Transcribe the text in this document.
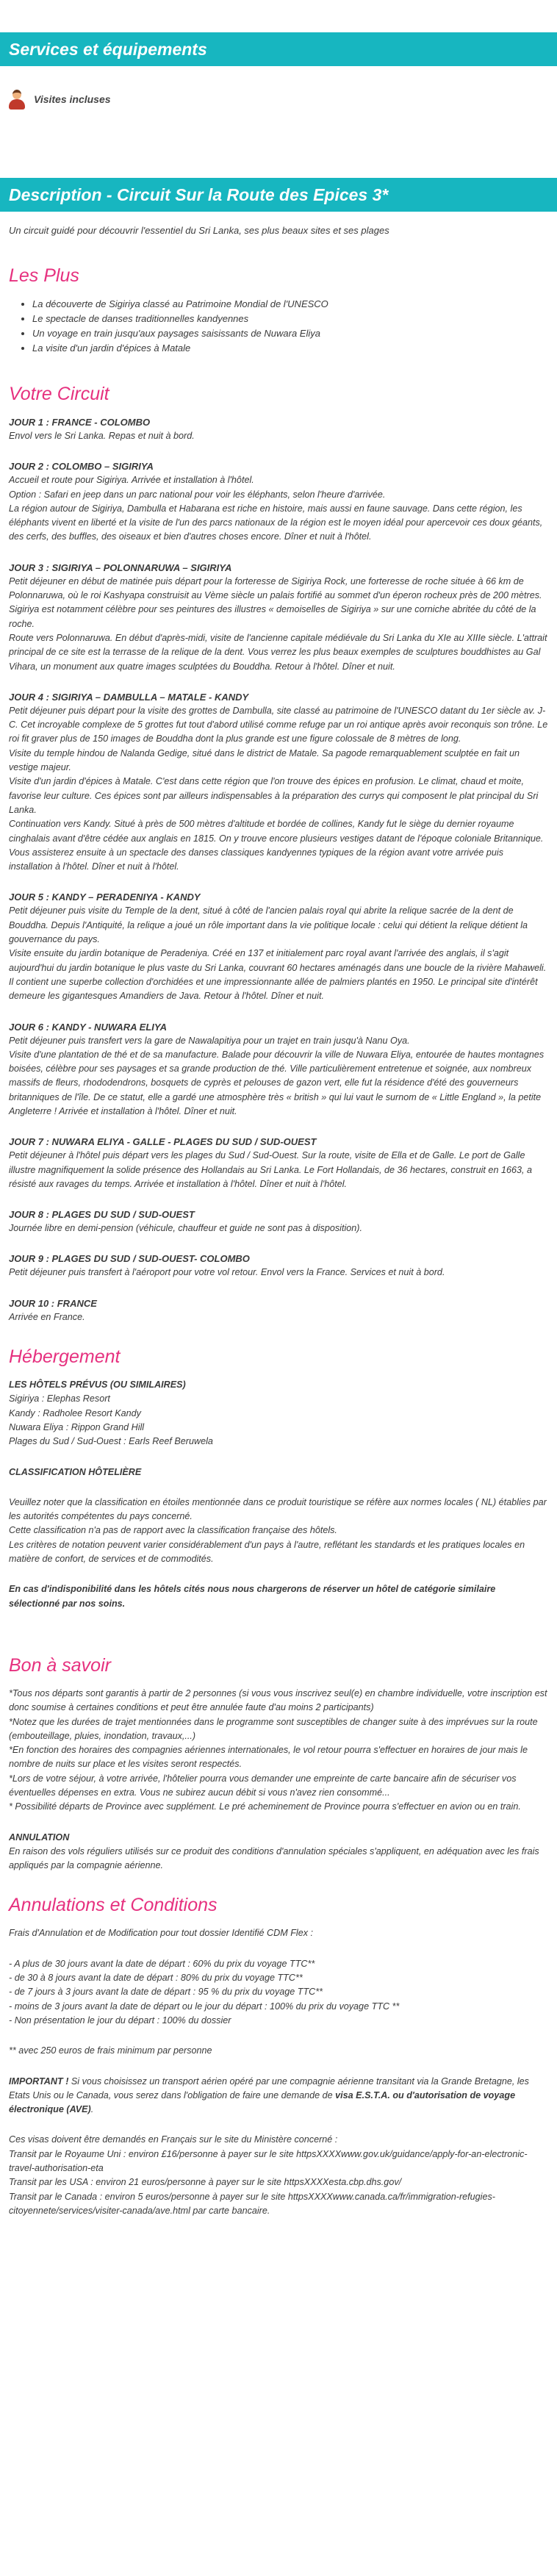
Services et équipements
Visites incluses
Description - Circuit Sur la Route des Epices 3*

Un circuit guidé pour découvrir l'essentiel du Sri Lanka, ses plus beaux sites et ses plages

Les Plus
• La découverte de Sigiriya classé au Patrimoine Mondial de l'UNESCO
• Le spectacle de danses traditionnelles kandyennes
• Un voyage en train jusqu'aux paysages saisissants de Nuwara Eliya
• La visite d'un jardin d'épices à Matale
Votre Circuit
JOUR 1 : FRANCE - COLOMBO
Envol vers le Sri Lanka. Repas et nuit à bord.
JOUR 2 : COLOMBO – SIGIRIYA
Accueil et route pour Sigiriya. Arrivée et installation à l'hôtel.
Option : Safari en jeep dans un parc national pour voir les éléphants, selon l'heure d'arrivée.
La région autour de Sigiriya, Dambulla et Habarana est riche en histoire, mais aussi en faune sauvage. Dans cette région, les éléphants vivent en liberté et la visite de l'un des parcs nationaux de la région est le moyen idéal pour apercevoir ces doux géants, des cerfs, des buffles, des oiseaux et bien d'autres choses encore. Dîner et nuit à l'hôtel.
JOUR 3 : SIGIRIYA – POLONNARUWA – SIGIRIYA
Petit déjeuner en début de matinée puis départ pour la forteresse de Sigiriya Rock, une forteresse de roche située à 66 km de Polonnaruwa, où le roi Kashyapa construisit au Vème siècle un palais fortifié au sommet d'un éperon rocheux près de 200 mètres. Sigiriya est notamment célèbre pour ses peintures des illustres « demoiselles de Sigiriya » sur une corniche abritée du côté de la roche.
Route vers Polonnaruwa. En début d'après-midi, visite de l'ancienne capitale médiévale du Sri Lanka du XIe au XIIIe siècle. L'attrait principal de ce site est la terrasse de la relique de la dent. Vous verrez les plus beaux exemples de sculptures bouddhistes au Gal Vihara, un monument aux quatre images sculptées du Bouddha. Retour à l'hôtel. Dîner et nuit.
JOUR 4 : SIGIRIYA – DAMBULLA – MATALE - KANDY
Petit déjeuner puis départ pour la visite des grottes de Dambulla, site classé au patrimoine de l'UNESCO datant du 1er siècle av. J-C. Cet incroyable complexe de 5 grottes fut tout d'abord utilisé comme refuge par un roi antique après avoir reconquis son trône. Le roi fit graver plus de 150 images de Bouddha dont la plus grande est une figure colossale de 8 mètres de long.
Visite du temple hindou de Nalanda Gedige, situé dans le district de Matale. Sa pagode remarquablement sculptée en fait un vestige majeur.
Visite d'un jardin d'épices à Matale. C'est dans cette région que l'on trouve des épices en profusion. Le climat, chaud et moite, favorise leur culture. Ces épices sont par ailleurs indispensables à la préparation des currys qui composent le plat principal du Sri Lanka.
Continuation vers Kandy. Situé à près de 500 mètres d'altitude et bordée de collines, Kandy fut le siège du dernier royaume cinghalais avant d'être cédée aux anglais en 1815. On y trouve encore plusieurs vestiges datant de l'époque coloniale Britannique.
Vous assisterez ensuite à un spectacle des danses classiques kandyennes typiques de la région avant votre arrivée puis installation à l'hôtel. Dîner et nuit à l'hôtel.
JOUR 5 : KANDY – PERADENIYA - KANDY
Petit déjeuner puis visite du Temple de la dent, situé à côté de l'ancien palais royal qui abrite la relique sacrée de la dent de Bouddha. Depuis l'Antiquité, la relique a joué un rôle important dans la vie politique locale : celui qui détient la relique détient la gouvernance du pays.
Visite ensuite du jardin botanique de Peradeniya. Créé en 137 et initialement parc royal avant l'arrivée des anglais, il s'agit aujourd'hui du jardin botanique le plus vaste du Sri Lanka, couvrant 60 hectares aménagés dans une boucle de la rivière Mahaweli. Il contient une superbe collection d'orchidées et une impressionnante allée de palmiers plantés en 1950. Le principal site d'intérêt demeure les gigantesques Amandiers de Java. Retour à l'hôtel. Dîner et nuit.
JOUR 6 : KANDY - NUWARA ELIYA
Petit déjeuner puis transfert vers la gare de Nawalapitiya pour un trajet en train jusqu'à Nanu Oya.
Visite d'une plantation de thé et de sa manufacture. Balade pour découvrir la ville de Nuwara Eliya, entourée de hautes montagnes boisées, célèbre pour ses paysages et sa grande production de thé. Ville particulièrement entretenue et soignée, aux nombreux massifs de fleurs, rhododendrons, bosquets de cyprès et pelouses de gazon vert, elle fut la résidence d'été des gouverneurs britanniques de l'île. De ce statut, elle a gardé une atmosphère très « british » qui lui vaut le surnom de « Little England », la petite Angleterre ! Arrivée et installation à l'hôtel. Dîner et nuit.
JOUR 7 : NUWARA ELIYA - GALLE - PLAGES DU SUD / SUD-OUEST
Petit déjeuner à l'hôtel puis départ vers les plages du Sud / Sud-Ouest. Sur la route, visite de Ella et de Galle. Le port de Galle illustre magnifiquement la solide présence des Hollandais au Sri Lanka. Le Fort Hollandais, de 36 hectares, construit en 1663, a résisté aux ravages du temps. Arrivée et installation à l'hôtel. Dîner et nuit à l'hôtel.
JOUR 8 : PLAGES DU SUD / SUD-OUEST
Journée libre en demi-pension (véhicule, chauffeur et guide ne sont pas à disposition).
JOUR 9 : PLAGES DU SUD / SUD-OUEST- COLOMBO
Petit déjeuner puis transfert à l'aéroport pour votre vol retour. Envol vers la France. Services et nuit à bord.
JOUR 10 : FRANCE
Arrivée en France.
Hébergement
LES HÔTELS PRÉVUS (OU SIMILAIRES)
Sigiriya : Elephas Resort
Kandy : Radholee Resort Kandy
Nuwara Eliya : Rippon Grand Hill
Plages du Sud / Sud-Ouest : Earls Reef Beruwela
CLASSIFICATION HÔTELIÈRE
Veuillez noter que la classification en étoiles mentionnée dans ce produit touristique se réfère aux normes locales ( NL) établies par les autorités compétentes du pays concerné.
Cette classification n'a pas de rapport avec la classification française des hôtels.
Les critères de notation peuvent varier considérablement d'un pays à l'autre, reflétant les standards et les pratiques locales en matière de confort, de services et de commodités.
En cas d'indisponibilité dans les hôtels cités nous nous chargerons de réserver un hôtel de catégorie similaire sélectionné par nos soins.
Bon à savoir
*Tous nos départs sont garantis à partir de 2 personnes (si vous vous inscrivez seul(e) en chambre individuelle, votre inscription est donc soumise à certaines conditions et peut être annulée faute d'au moins 2 participants)
*Notez que les durées de trajet mentionnées dans le programme sont susceptibles de changer suite à des imprévues sur la route (embouteillage, pluies, inondation, travaux,...)
*En fonction des horaires des compagnies aériennes internationales, le vol retour pourra s'effectuer en horaires de jour mais le nombre de nuits sur place et les visites seront respectés.
*Lors de votre séjour, à votre arrivée, l'hôtelier pourra vous demander une empreinte de carte bancaire afin de sécuriser vos éventuelles dépenses en extra. Vous ne subirez aucun débit si vous n'avez rien consommé...
* Possibilité départs de Province avec supplément. Le pré acheminement de Province pourra s'effectuer en avion ou en train.
ANNULATION
En raison des vols réguliers utilisés sur ce produit des conditions d'annulation spéciales s'appliquent, en adéquation avec les frais appliqués par la compagnie aérienne.
Annulations et Conditions
Frais d'Annulation et de Modification pour tout dossier Identifié CDM Flex :
- A plus de 30 jours avant la date de départ : 60% du prix du voyage TTC**
- de 30 à 8 jours avant la date de départ : 80% du prix du voyage TTC**
- de 7 jours à 3 jours avant la date de départ : 95 % du prix du voyage TTC**
- moins de 3 jours avant la date de départ ou le jour du départ : 100% du prix du voyage TTC **
- Non présentation le jour du départ : 100% du dossier
** avec 250 euros de frais minimum par personne
IMPORTANT ! Si vous choisissez un transport aérien opéré par une compagnie aérienne transitant via la Grande Bretagne, les Etats Unis ou le Canada, vous serez dans l'obligation de faire une demande de visa E.S.T.A. ou d'autorisation de voyage électronique (AVE).
Ces visas doivent être demandés en Français sur le site du Ministère concerné :
Transit par le Royaume Uni : environ £16/personne à payer sur le site httpsXXXXwww.gov.uk/guidance/apply-for-an-electronic-travel-authorisation-eta
Transit par les USA : environ 21 euros/personne à payer sur le site httpsXXXXesta.cbp.dhs.gov/
Transit par le Canada : environ 5 euros/personne à payer sur le site httpsXXXXwww.canada.ca/fr/immigration-refugies-citoyennete/services/visiter-canada/ave.html par carte bancaire.
